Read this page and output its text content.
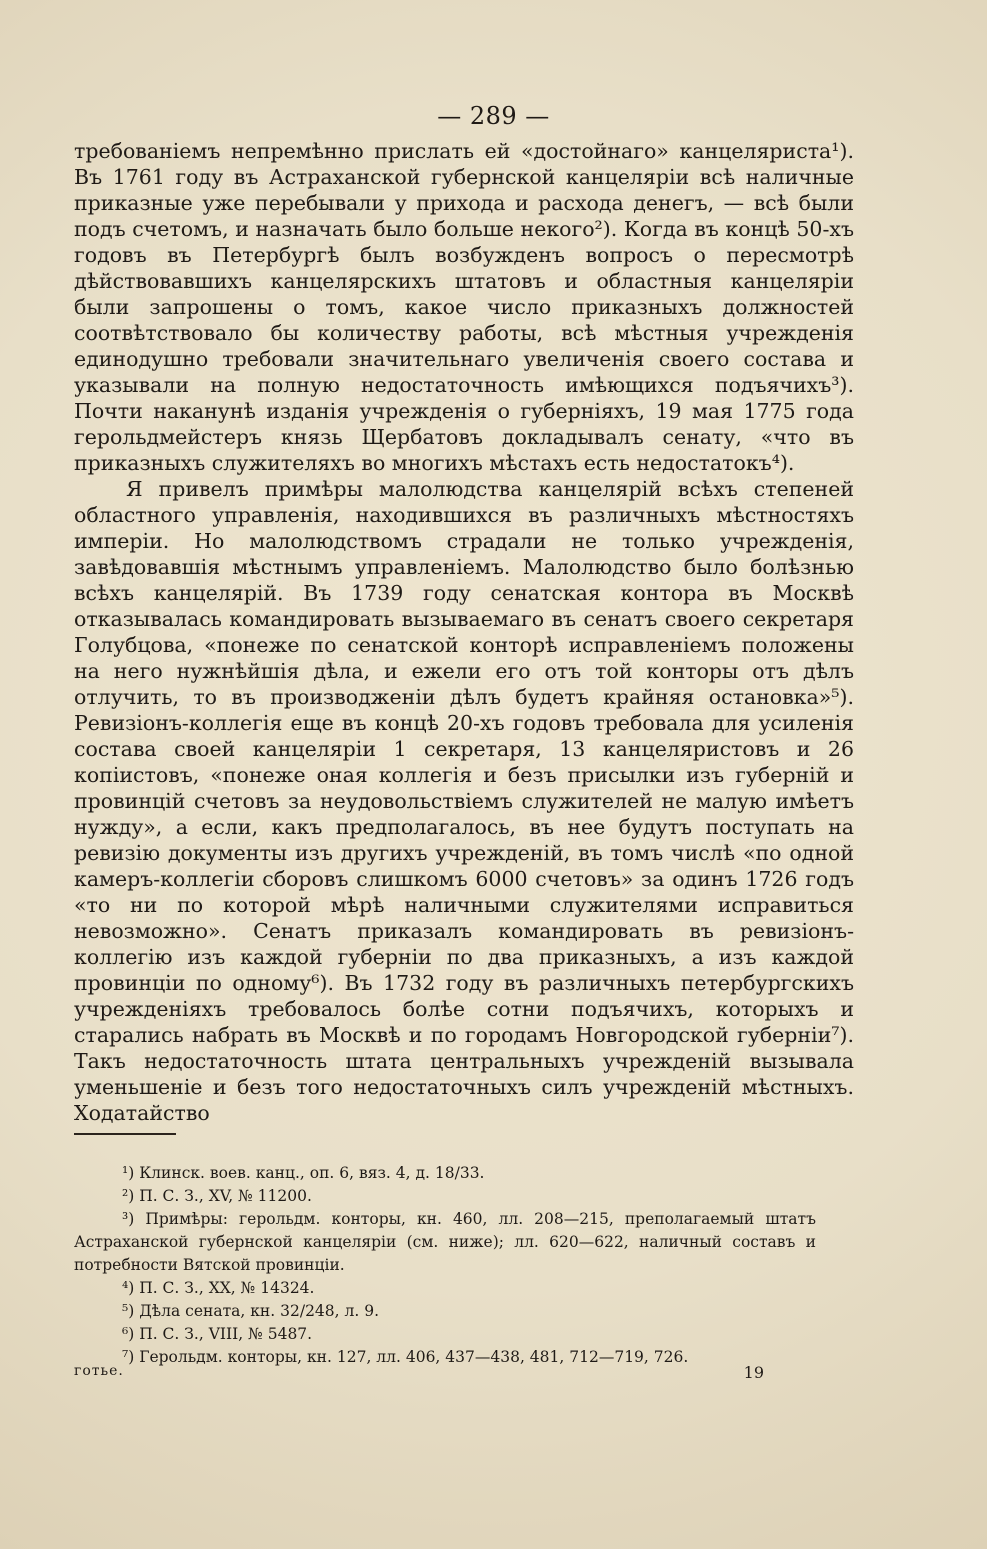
— 289 —

требованіемъ непремѣнно прислать ей «достойнаго» канцеляриста¹). Въ 1761 году въ Астраханской губернской канцеляріи всѣ наличные приказные уже перебывали у прихода и расхода денегъ, — всѣ были подъ счетомъ, и назначать было больше некого²). Когда въ концѣ 50-хъ годовъ въ Петербургѣ былъ возбужденъ вопросъ о пересмотрѣ дѣйствовавшихъ канцелярскихъ штатовъ и областныя канцеляріи были запрошены о томъ, какое число приказныхъ должностей соотвѣтствовало бы количеству работы, всѣ мѣстныя учрежденія единодушно требовали значительнаго увеличенія своего состава и указывали на полную недостаточность имѣющихся подъячихъ³). Почти наканунѣ изданія учрежденія о губерніяхъ, 19 мая 1775 года герольдмейстеръ князь Щербатовъ докладывалъ сенату, «что въ приказныхъ служителяхъ во многихъ мѣстахъ есть недостатокъ⁴).

Я привелъ примѣры малолюдства канцелярій всѣхъ степеней областного управленія, находившихся въ различныхъ мѣстностяхъ имперіи. Но малолюдствомъ страдали не только учрежденія, завѣдовавшія мѣстнымъ управленіемъ. Малолюдство было болѣзнью всѣхъ канцелярій. Въ 1739 году сенатская контора въ Москвѣ отказывалась командировать вызываемаго въ сенатъ своего секретаря Голубцова, «понеже по сенатской конторѣ исправленіемъ положены на него нужнѣйшія дѣла, и ежели его отъ той конторы отъ дѣлъ отлучить, то въ производженіи дѣлъ будетъ крайняя остановка»⁵). Ревизіонъ-коллегія еще въ концѣ 20-хъ годовъ требовала для усиленія состава своей канцеляріи 1 секретаря, 13 канцеляристовъ и 26 копіистовъ, «понеже оная коллегія и безъ присылки изъ губерній и провинцій счетовъ за неудовольствіемъ служителей не малую имѣетъ нужду», а если, какъ предполагалось, въ нее будутъ поступать на ревизію документы изъ другихъ учрежденій, въ томъ числѣ «по одной камеръ-коллегіи сборовъ слишкомъ 6000 счетовъ» за одинъ 1726 годъ «то ни по которой мѣрѣ наличными служителями исправиться невозможно». Сенатъ приказалъ командировать въ ревизіонъ-коллегію изъ каждой губерніи по два приказныхъ, а изъ каждой провинціи по одному⁶). Въ 1732 году въ различныхъ петербургскихъ учрежденіяхъ требовалось болѣе сотни подъячихъ, которыхъ и старались набрать въ Москвѣ и по городамъ Новгородской губерніи⁷). Такъ недостаточность штата центральныхъ учрежденій вызывала уменьшеніе и безъ того недостаточныхъ силъ учрежденій мѣстныхъ. Ходатайство

¹) Клинск. воев. канц., оп. 6, вяз. 4, д. 18/33.
²) П. С. З., XV, № 11200.
³) Примѣры: герольдм. конторы, кн. 460, лл. 208—215, прeполагаемый штатъ Астраханской губернской канцеляріи (см. ниже); лл. 620—622, наличный составъ и потребности Вятской провинціи.
⁴) П. С. З., XX, № 14324.
⁵) Дѣла сената, кн. 32/248, л. 9.
⁶) П. С. З., VIII, № 5487.
⁷) Герольдм. конторы, кн. 127, лл. 406, 437—438, 481, 712—719, 726.
готье.	19
